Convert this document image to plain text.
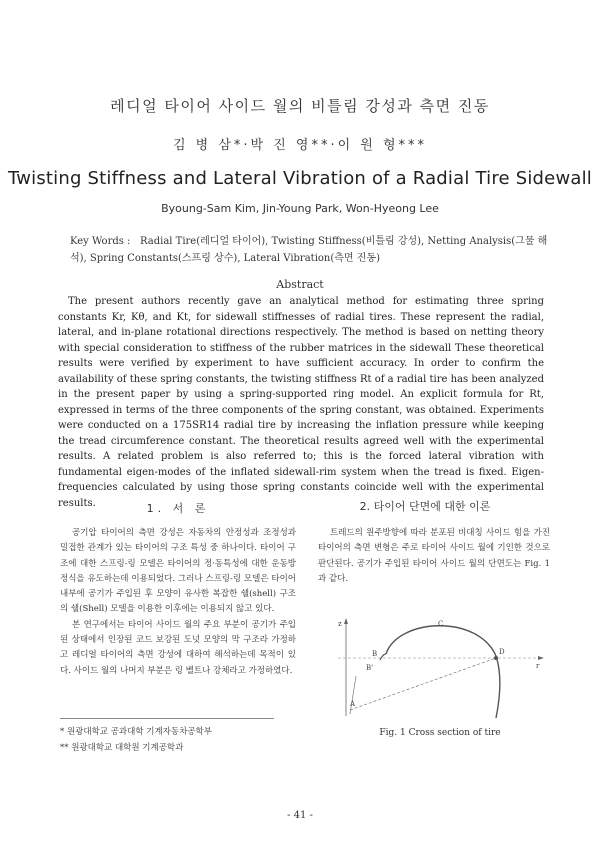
레디얼 타이어 사이드 월의 비틀림 강성과 측면 진동
김 병 삼*·박 진 영**·이 원 형***
Twisting Stiffness and Lateral Vibration of a Radial Tire Sidewall
Byoung-Sam Kim, Jin-Young Park, Won-Hyeong Lee
Key Words : Radial Tire(레디얼 타이어), Twisting Stiffness(비틀림 강성), Netting Analysis(그물 해석), Spring Constants(스프링 상수), Lateral Vibration(측면 진동)
Abstract
The present authors recently gave an analytical method for estimating three spring constants Kr, Kθ, and Kt, for sidewall stiffnesses of radial tires. These represent the radial, lateral, and in-plane rotational directions respectively. The method is based on netting theory with special consideration to stiffness of the rubber matrices in the sidewall These theoretical results were verified by experiment to have sufficient accuracy. In order to confirm the availability of these spring constants, the twisting stiffness Rt of a radial tire has been analyzed in the present paper by using a spring-supported ring model. An explicit formula for Rt, expressed in terms of the three components of the spring constant, was obtained. Experiments were conducted on a 175SR14 radial tire by increasing the inflation pressure while keeping the tread circumference constant. The theoretical results agreed well with the experimental results. A related problem is also referred to; this is the forced lateral vibration with fundamental eigen-modes of the inflated sidewall-rim system when the tread is fixed. Eigen-frequencies calculated by using those spring constants coincide well with the experimental results.	1. 서 론	2. 타이어 단면에 대한 이론

공기압 타이어의 측면 강성은 자동차의 안정성과 조정성과 밀접한 관계가 있는 타이어의 구조 특성 중 하나이다. 타이어 구조에 대한 스프링-링 모델은 타이어의 정·동특성에 대한 운동방정식을 유도하는데 이용되었다. 그러나 스프링-링 모델은 타이어 내부에 공기가 주입된 후 모양이 유사한 복잡한 쉘(shell) 구조의 쉘(Shell) 모델을 이용한 이후에는 이용되지 않고 있다.

본 연구에서는 타이어 사이드 월의 주요 부분이 공기가 주입된 상태에서 인장된 코드 보강된 도넛 모양의 막 구조라 가정하고 레디얼 타이어의 측면 강성에 대하여 해석하는데 목적이 있다. 사이드 월의 나머지 부분은 링 벨트나 강체라고 가정하였다.

트레드의 원주방향에 따라 분포된 비대칭 사이드 힘을 가진 타이어의 측면 변형은 주로 타이어 사이드 월에 기인한 것으로 판단된다. 공기가 주입된 타이어 사이드 월의 단면도는 Fig. 1과 같다.

z
r
A
B
B'
C
D
Fig. 1 Cross section of tire
* 원광대학교 공과대학 기계자동차공학부
** 원광대학교 대학원 기계공학과
- 41 -
